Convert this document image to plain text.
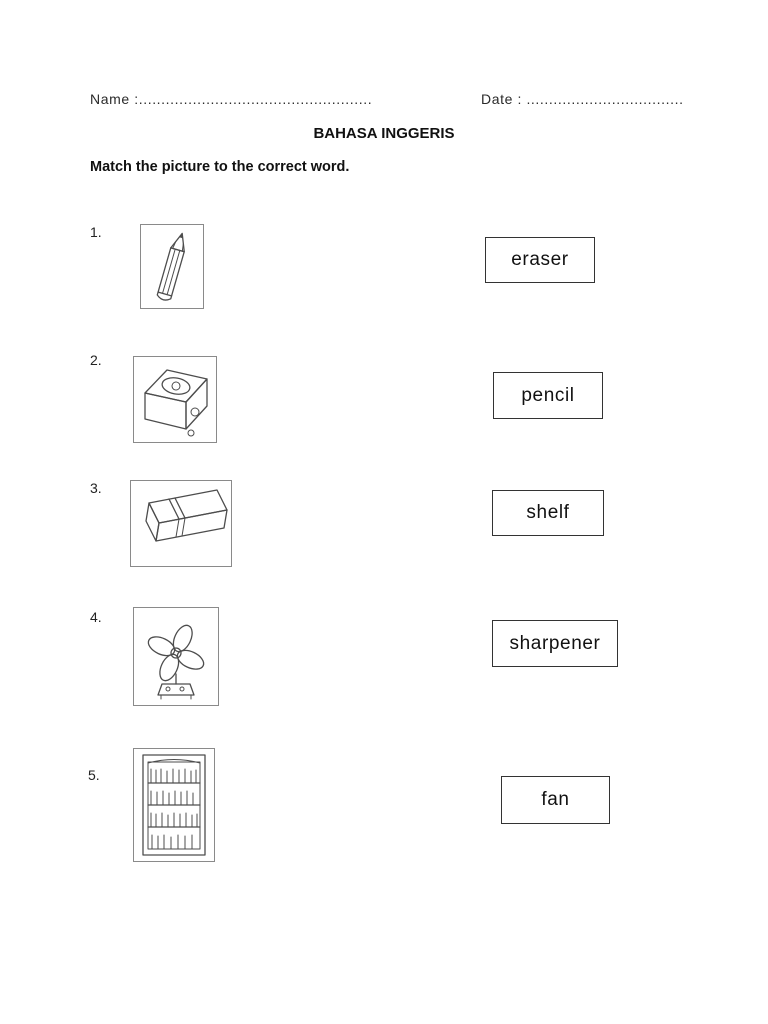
Name :....................................................	Date : ...................................
BAHASA INGGERIS
Match the picture to the correct word.
1.
eraser
2.
pencil
3.
shelf
4.
sharpener
5.
fan
